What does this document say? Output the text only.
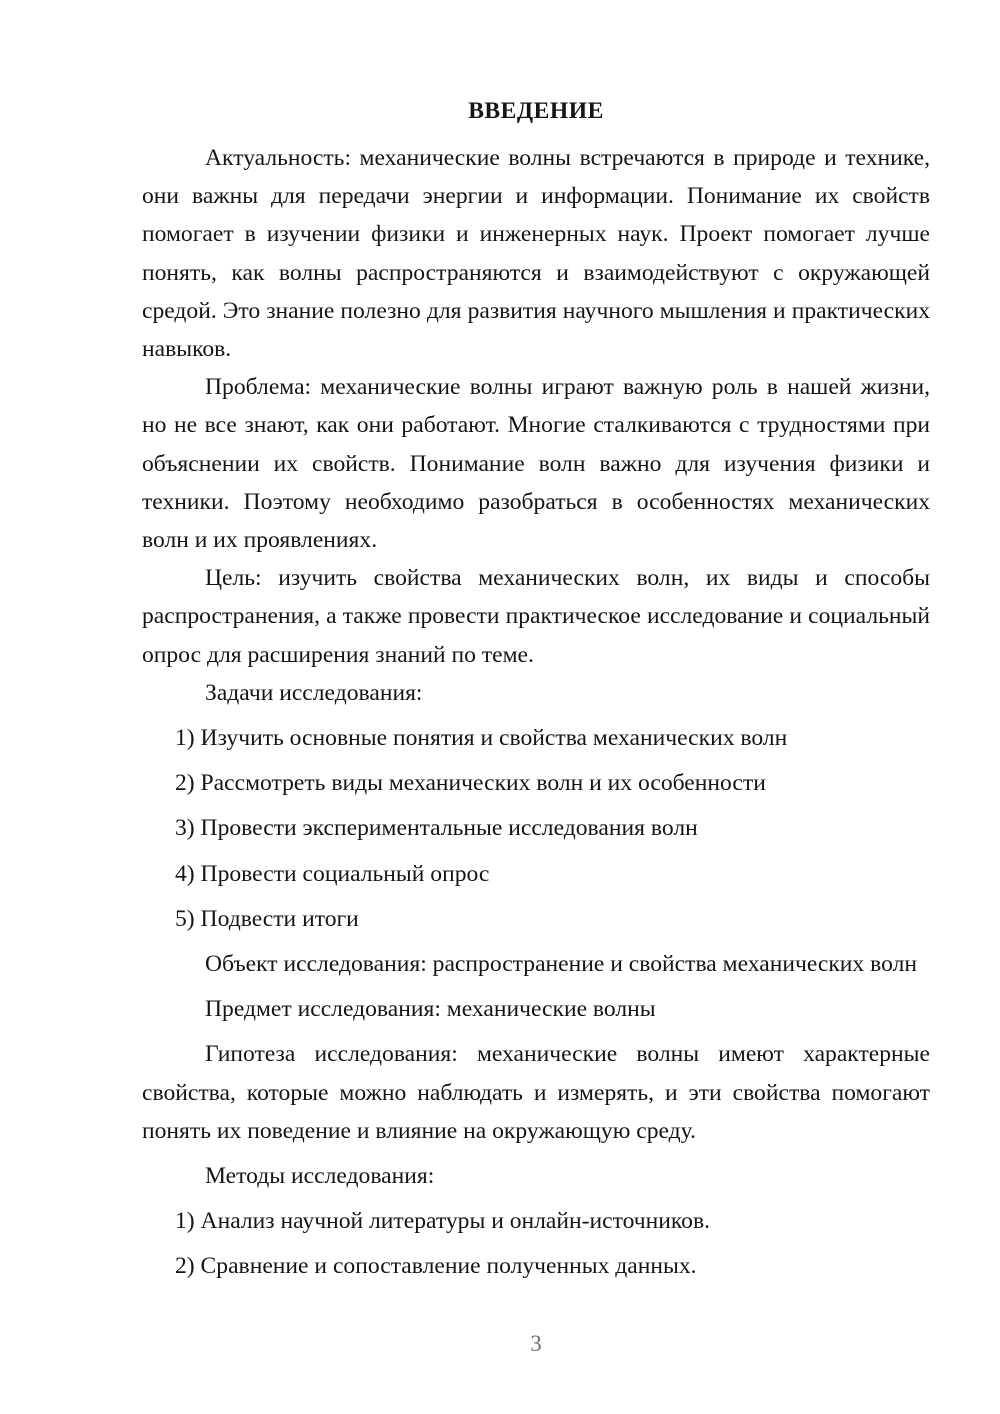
ВВЕДЕНИЕ

Актуальность: механические волны встречаются в природе и технике, они важны для передачи энергии и информации. Понимание их свойств помогает в изучении физики и инженерных наук. Проект помогает лучше понять, как волны распространяются и взаимодействуют с окружающей средой. Это знание полезно для развития научного мышления и практических навыков.

Проблема: механические волны играют важную роль в нашей жизни, но не все знают, как они работают. Многие сталкиваются с трудностями при объяснении их свойств. Понимание волн важно для изучения физики и техники. Поэтому необходимо разобраться в особенностях механических волн и их проявлениях.

Цель: изучить свойства механических волн, их виды и способы распространения, а также провести практическое исследование и социальный опрос для расширения знаний по теме.

Задачи исследования:

1) Изучить основные понятия и свойства механических волн

2) Рассмотреть виды механических волн и их особенности

3) Провести экспериментальные исследования волн

4) Провести социальный опрос

5) Подвести итоги

Объект исследования: распространение и свойства механических волн

Предмет исследования: механические волны

Гипотеза исследования: механические волны имеют характерные свойства, которые можно наблюдать и измерять, и эти свойства помогают понять их поведение и влияние на окружающую среду.

Методы исследования:

1) Анализ научной литературы и онлайн-источников.

2) Сравнение и сопоставление полученных данных.

3
